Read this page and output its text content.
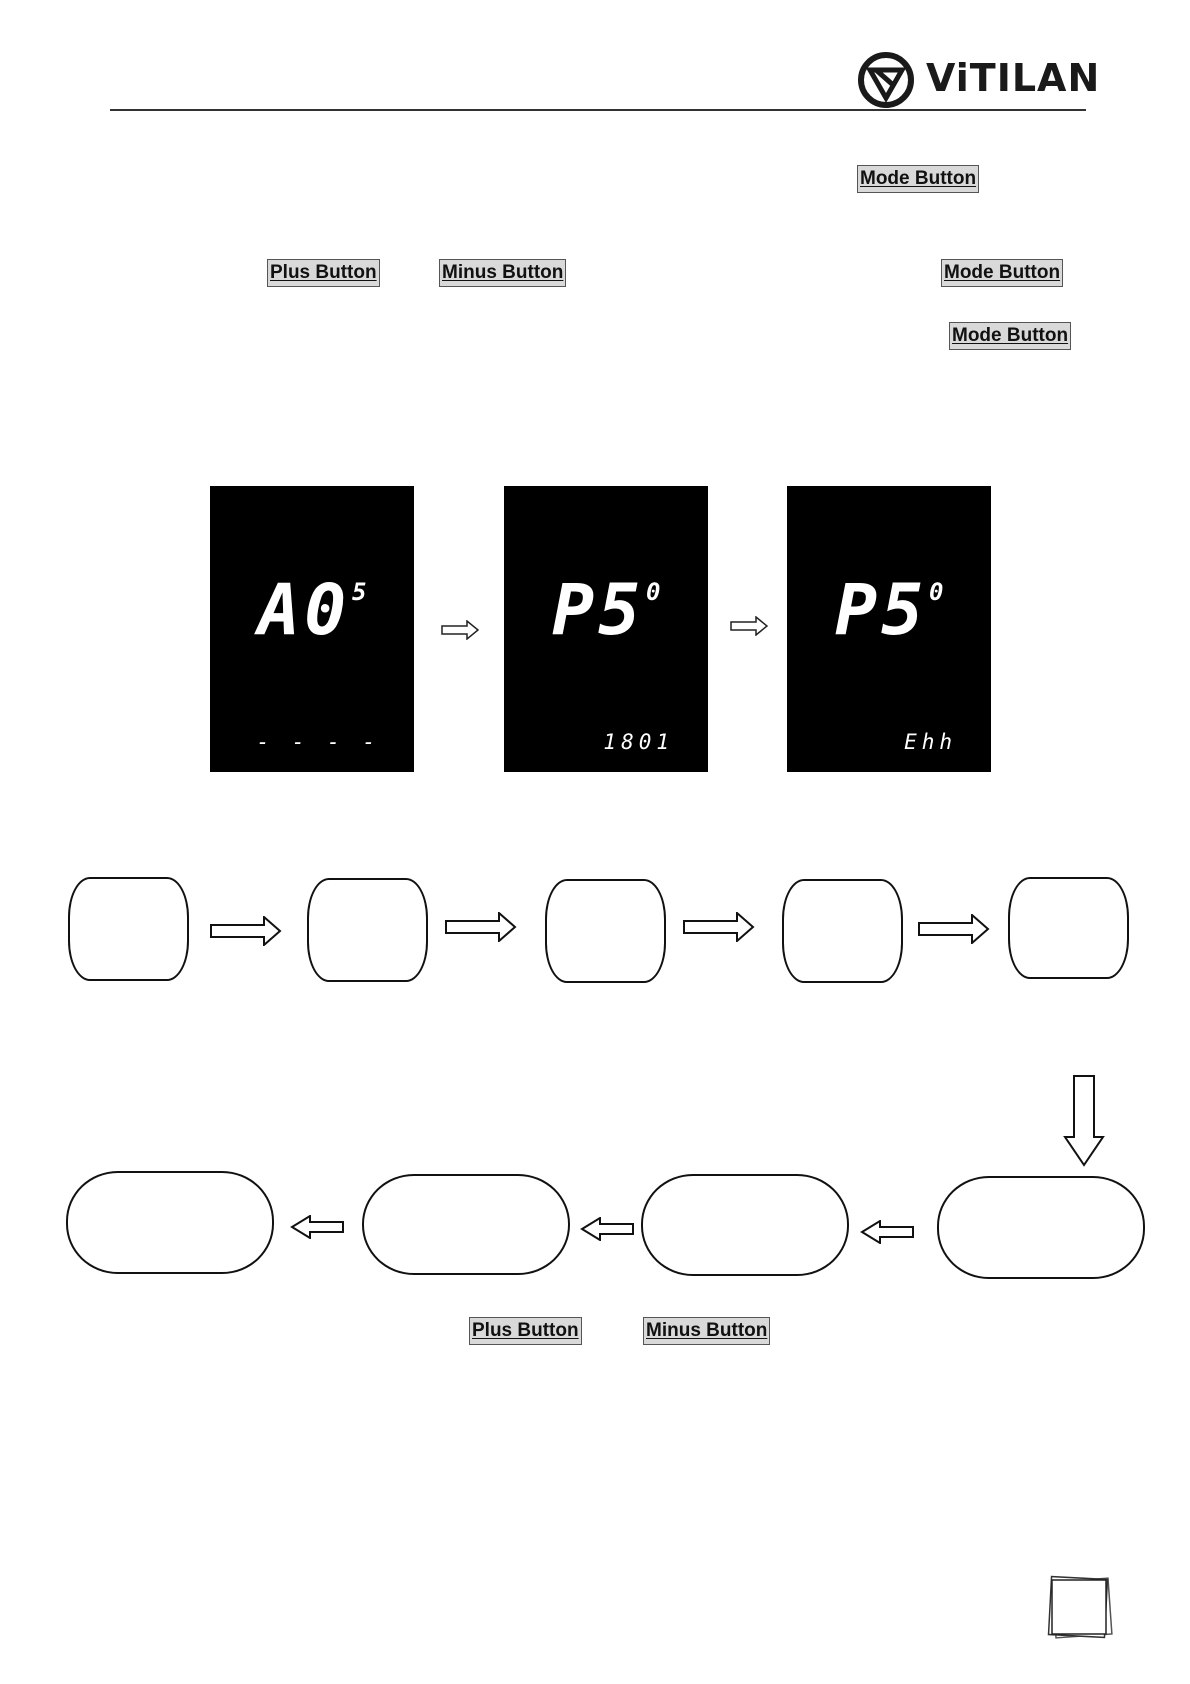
ViTILAN
Mode Button
Plus Button	Minus Button	Mode Button
Mode Button
A0 5
- - - -
P5 0
1801
P5 0
Ehh
Plus Button	Minus Button
